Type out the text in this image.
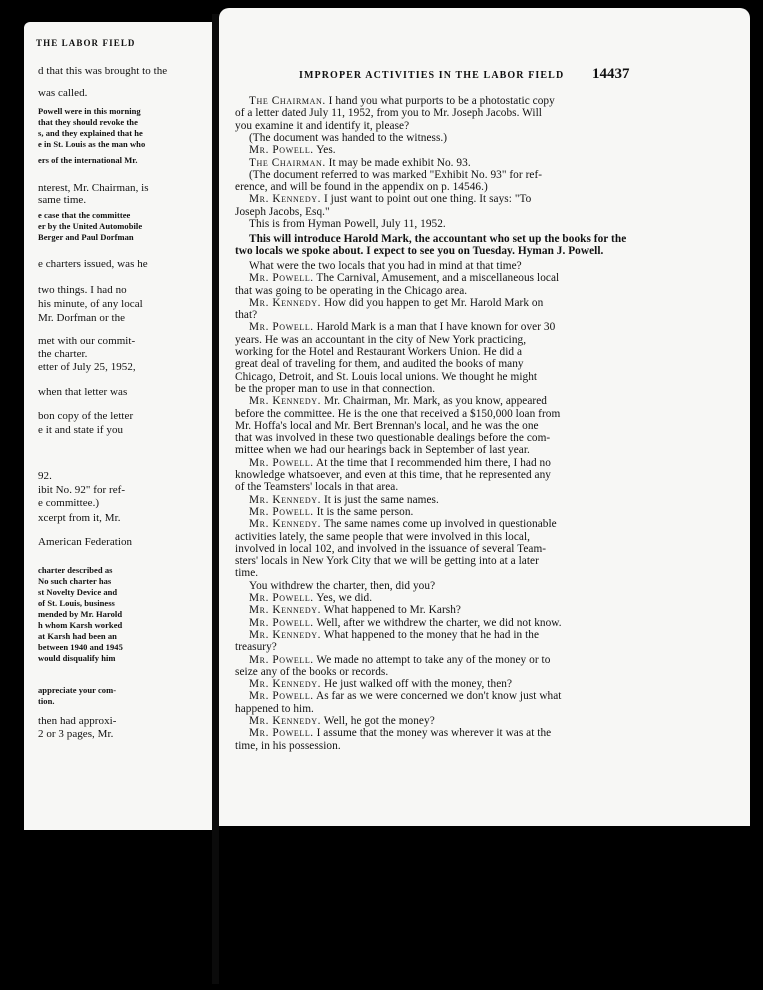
THE LABOR FIELD
d that this was brought to the
was called.
Powell were in this morning
that they should revoke the
s, and they explained that he
e in St. Louis as the man who
ers of the international Mr.
nterest, Mr. Chairman, is
same time.
e case that the committee
er by the United Automobile
Berger and Paul Dorfman
e charters issued, was he
two things. I had no
his minute, of any local
Mr. Dorfman or the
met with our commit-
the charter.
etter of July 25, 1952,
when that letter was
bon copy of the letter
e it and state if you
92.
ibit No. 92" for ref-
e committee.)
xcerpt from it, Mr.
American Federation
charter described as
No such charter has
st Novelty Device and
of St. Louis, business
mended by Mr. Harold
h whom Karsh worked
at Karsh had been an
between 1940 and 1945
would disqualify him
appreciate your com-
tion.
then had approxi-
2 or 3 pages, Mr.
IMPROPER ACTIVITIES IN THE LABOR FIELD 14437
The Chairman. I hand you what purports to be a photostatic copy
of a letter dated July 11, 1952, from you to Mr. Joseph Jacobs. Will
you examine it and identify it, please?
(The document was handed to the witness.)
Mr. Powell. Yes.
The Chairman. It may be made exhibit No. 93.
(The document referred to was marked "Exhibit No. 93" for ref-
erence, and will be found in the appendix on p. 14546.)
Mr. Kennedy. I just want to point out one thing. It says: "To
Joseph Jacobs, Esq."
This is from Hyman Powell, July 11, 1952.
This will introduce Harold Mark, the accountant who set up the books for the
two locals we spoke about. I expect to see you on Tuesday. Hyman J. Powell.
What were the two locals that you had in mind at that time?
Mr. Powell. The Carnival, Amusement, and a miscellaneous local
that was going to be operating in the Chicago area.
Mr. Kennedy. How did you happen to get Mr. Harold Mark on
that?
Mr. Powell. Harold Mark is a man that I have known for over 30
years. He was an accountant in the city of New York practicing,
working for the Hotel and Restaurant Workers Union. He did a
great deal of traveling for them, and audited the books of many
Chicago, Detroit, and St. Louis local unions. We thought he might
be the proper man to use in that connection.
Mr. Kennedy. Mr. Chairman, Mr. Mark, as you know, appeared
before the committee. He is the one that received a $150,000 loan from
Mr. Hoffa's local and Mr. Bert Brennan's local, and he was the one
that was involved in these two questionable dealings before the com-
mittee when we had our hearings back in September of last year.
Mr. Powell. At the time that I recommended him there, I had no
knowledge whatsoever, and even at this time, that he represented any
of the Teamsters' locals in that area.
Mr. Kennedy. It is just the same names.
Mr. Powell. It is the same person.
Mr. Kennedy. The same names come up involved in questionable
activities lately, the same people that were involved in this local,
involved in local 102, and involved in the issuance of several Team-
sters' locals in New York City that we will be getting into at a later
time.
You withdrew the charter, then, did you?
Mr. Powell. Yes, we did.
Mr. Kennedy. What happened to Mr. Karsh?
Mr. Powell. Well, after we withdrew the charter, we did not know.
Mr. Kennedy. What happened to the money that he had in the
treasury?
Mr. Powell. We made no attempt to take any of the money or to
seize any of the books or records.
Mr. Kennedy. He just walked off with the money, then?
Mr. Powell. As far as we were concerned we don't know just what
happened to him.
Mr. Kennedy. Well, he got the money?
Mr. Powell. I assume that the money was wherever it was at the
time, in his possession.
